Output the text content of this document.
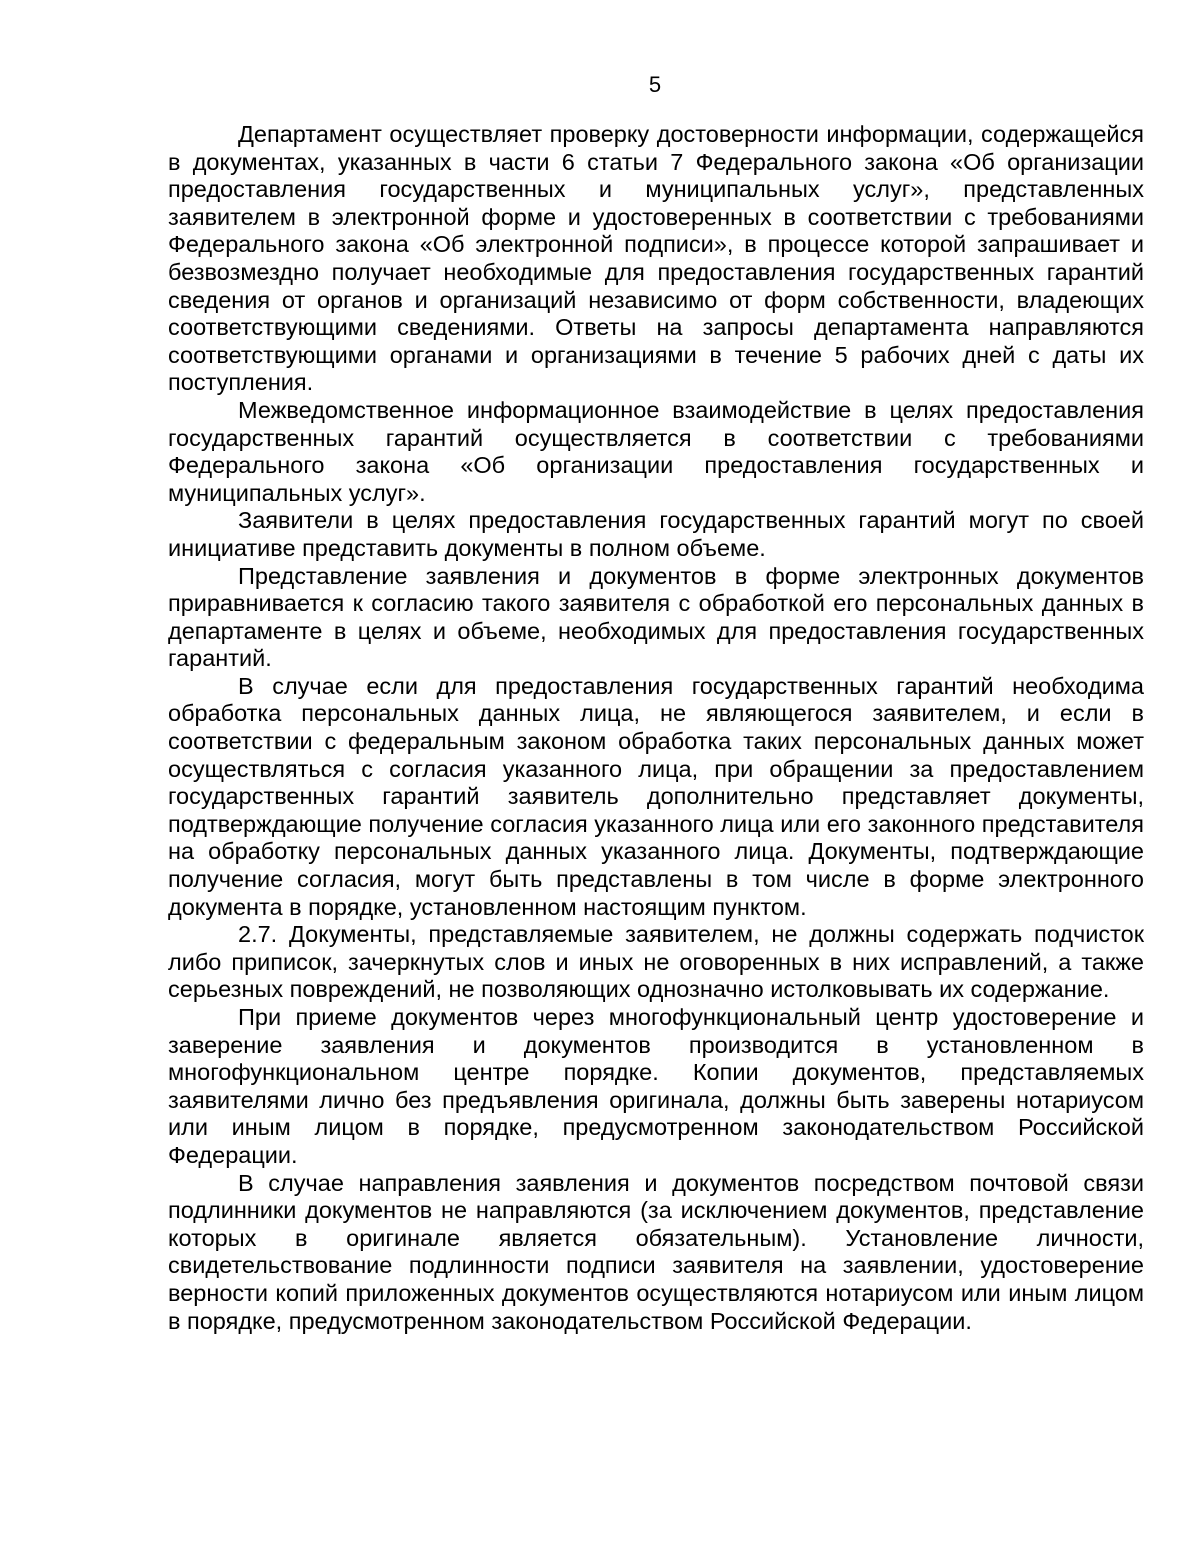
5

Департамент осуществляет проверку достоверности информации, содержащейся в документах, указанных в части 6 статьи 7 Федерального закона «Об организации предоставления государственных и муниципальных услуг», представленных заявителем в электронной форме и удостоверенных в соответствии с требованиями Федерального закона «Об электронной подписи», в процессе которой запрашивает и безвозмездно получает необходимые для предоставления государственных гарантий сведения от органов и организаций независимо от форм собственности, владеющих соответствующими сведениями. Ответы на запросы департамента направляются соответствующими органами и организациями в течение 5 рабочих дней с даты их поступления.

Межведомственное информационное взаимодействие в целях предоставления государственных гарантий осуществляется в соответствии с требованиями Федерального закона «Об организации предоставления государственных и муниципальных услуг».

Заявители в целях предоставления государственных гарантий могут по своей инициативе представить документы в полном объеме.

Представление заявления и документов в форме электронных документов приравнивается к согласию такого заявителя с обработкой его персональных данных в департаменте в целях и объеме, необходимых для предоставления государственных гарантий.

В случае если для предоставления государственных гарантий необходима обработка персональных данных лица, не являющегося заявителем, и если в соответствии с федеральным законом обработка таких персональных данных может осуществляться с согласия указанного лица, при обращении за предоставлением государственных гарантий заявитель дополнительно представляет документы, подтверждающие получение согласия указанного лица или его законного представителя на обработку персональных данных указанного лица. Документы, подтверждающие получение согласия, могут быть представлены в том числе в форме электронного документа в порядке, установленном настоящим пунктом.

2.7. Документы, представляемые заявителем, не должны содержать подчисток либо приписок, зачеркнутых слов и иных не оговоренных в них исправлений, а также серьезных повреждений, не позволяющих однозначно истолковывать их содержание.

При приеме документов через многофункциональный центр удостоверение и заверение заявления и документов производится в установленном в многофункциональном центре порядке. Копии документов, представляемых заявителями лично без предъявления оригинала, должны быть заверены нотариусом или иным лицом в порядке, предусмотренном законодательством Российской Федерации.

В случае направления заявления и документов посредством почтовой связи подлинники документов не направляются (за исключением документов, представление которых в оригинале является обязательным). Установление личности, свидетельствование подлинности подписи заявителя на заявлении, удостоверение верности копий приложенных документов осуществляются нотариусом или иным лицом в порядке, предусмотренном законодательством Российской Федерации.
